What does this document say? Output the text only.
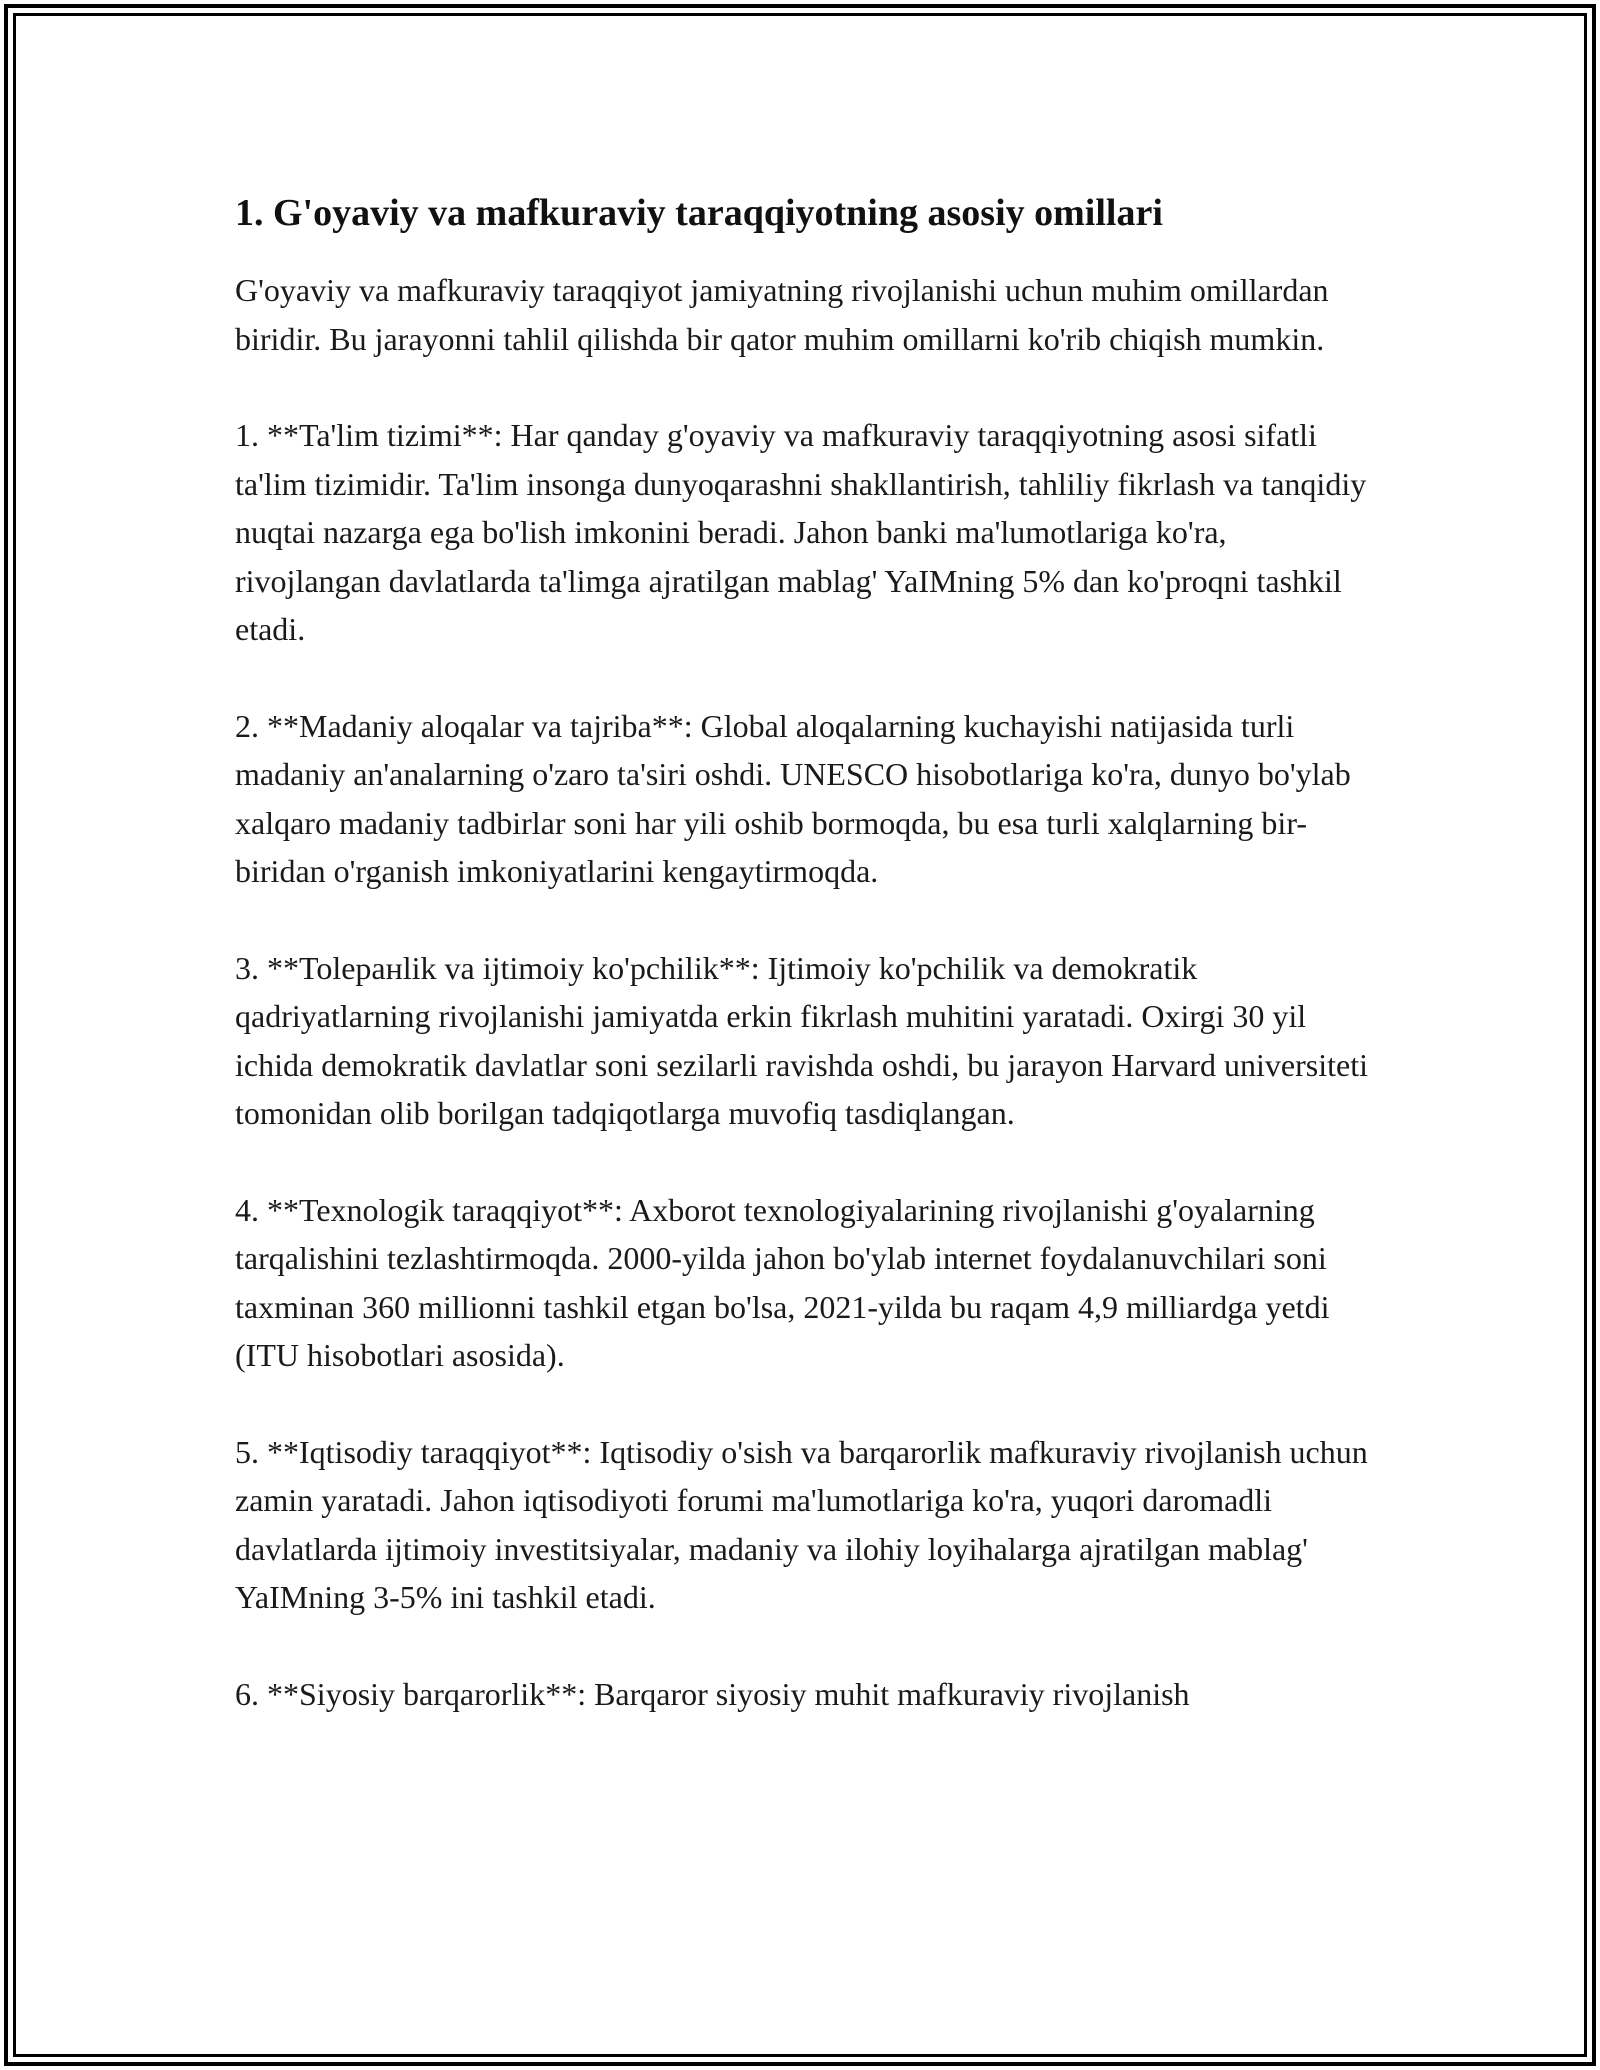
1. G'oyaviy va mafkuraviy taraqqiyotning asosiy omillari

G'oyaviy va mafkuraviy taraqqiyot jamiyatning rivojlanishi uchun muhim omillardan biridir. Bu jarayonni tahlil qilishda bir qator muhim omillarni ko'rib chiqish mumkin.

1. **Ta'lim tizimi**: Har qanday g'oyaviy va mafkuraviy taraqqiyotning asosi sifatli ta'lim tizimidir. Ta'lim insonga dunyoqarashni shakllantirish, tahliliy fikrlash va tanqidiy nuqtai nazarga ega bo'lish imkonini beradi. Jahon banki ma'lumotlariga ko'ra, rivojlangan davlatlarda ta'limga ajratilgan mablag' YaIMning 5% dan ko'proqni tashkil etadi.

2. **Madaniy aloqalar va tajriba**: Global aloqalarning kuchayishi natijasida turli madaniy an'analarning o'zaro ta'siri oshdi. UNESCO hisobotlariga ko'ra, dunyo bo'ylab xalqaro madaniy tadbirlar soni har yili oshib bormoqda, bu esa turli xalqlarning bir-biridan o'rganish imkoniyatlarini kengaytirmoqda.

3. **Tolepaнlik va ijtimoiy ko'pchilik**: Ijtimoiy ko'pchilik va demokratik qadriyatlarning rivojlanishi jamiyatda erkin fikrlash muhitini yaratadi. Oxirgi 30 yil ichida demokratik davlatlar soni sezilarli ravishda oshdi, bu jarayon Harvard universiteti tomonidan olib borilgan tadqiqotlarga muvofiq tasdiqlangan.

4. **Texnologik taraqqiyot**: Axborot texnologiyalarining rivojlanishi g'oyalarning tarqalishini tezlashtirmoqda. 2000-yilda jahon bo'ylab internet foydalanuvchilari soni taxminan 360 millionni tashkil etgan bo'lsa, 2021-yilda bu raqam 4,9 milliardga yetdi (ITU hisobotlari asosida).

5. **Iqtisodiy taraqqiyot**: Iqtisodiy o'sish va barqarorlik mafkuraviy rivojlanish uchun zamin yaratadi. Jahon iqtisodiyoti forumi ma'lumotlariga ko'ra, yuqori daromadli davlatlarda ijtimoiy investitsiyalar, madaniy va ilohiy loyihalarga ajratilgan mablag' YaIMning 3-5% ini tashkil etadi.

6. **Siyosiy barqarorlik**: Barqaror siyosiy muhit mafkuraviy rivojlanish
